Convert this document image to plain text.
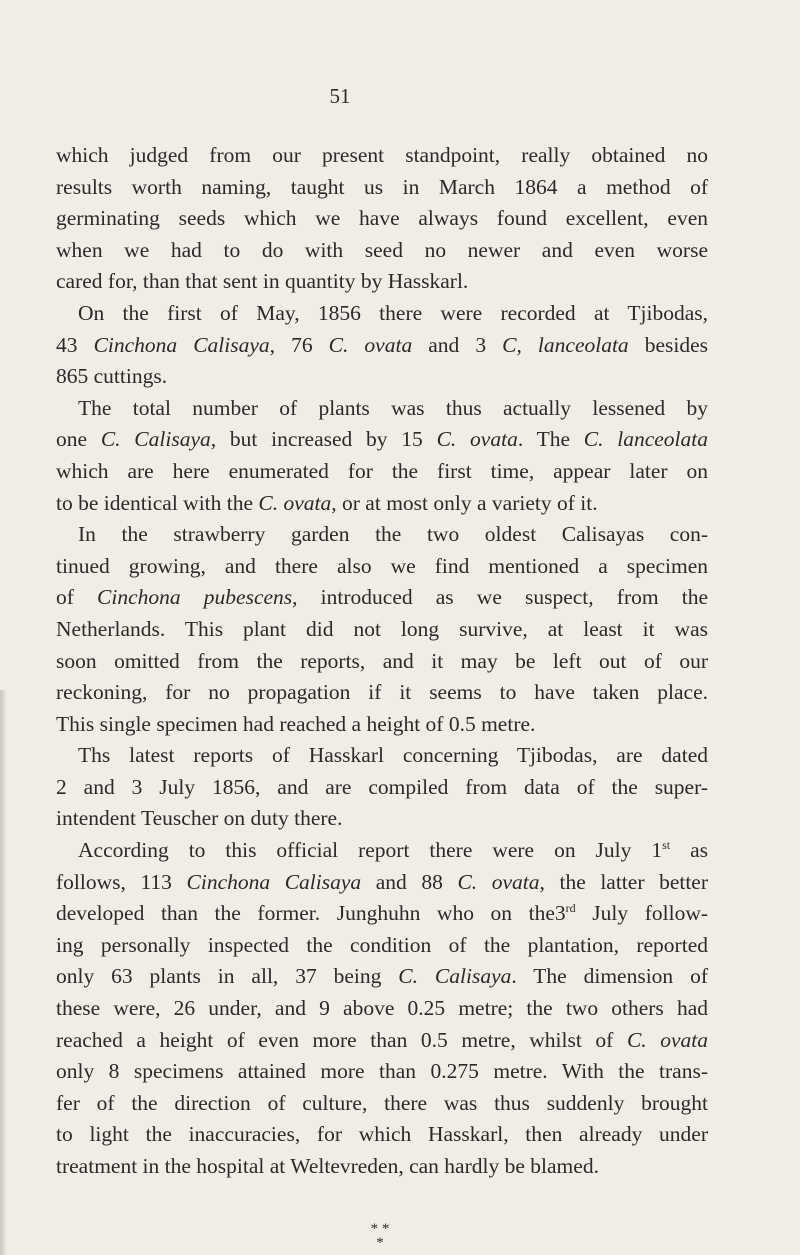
51
which judged from our present standpoint, really obtained no
results worth naming, taught us in March 1864 a method of
germinating seeds which we have always found excellent, even
when we had to do with seed no newer and even worse
cared for, than that sent in quantity by Hasskarl.
On the first of May, 1856 there were recorded at Tjibodas,
43 Cinchona Calisaya, 76 C. ovata and 3 C, lanceolata besides
865 cuttings.
The total number of plants was thus actually lessened by
one C. Calisaya, but increased by 15 C. ovata. The C. lanceolata
which are here enumerated for the first time, appear later on
to be identical with the C. ovata, or at most only a variety of it.
In the strawberry garden the two oldest Calisayas con-
tinued growing, and there also we find mentioned a specimen
of Cinchona pubescens, introduced as we suspect, from the
Netherlands. This plant did not long survive, at least it was
soon omitted from the reports, and it may be left out of our
reckoning, for no propagation if it seems to have taken place.
This single specimen had reached a height of 0.5 metre.
Ths latest reports of Hasskarl concerning Tjibodas, are dated
2 and 3 July 1856, and are compiled from data of the super-
intendent Teuscher on duty there.
According to this official report there were on July 1st as
follows, 113 Cinchona Calisaya and 88 C. ovata, the latter better
developed than the former. Junghuhn who on the3rd July follow-
ing personally inspected the condition of the plantation, reported
only 63 plants in all, 37 being C. Calisaya. The dimension of
these were, 26 under, and 9 above 0.25 metre; the two others had
reached a height of even more than 0.5 metre, whilst of C. ovata
only 8 specimens attained more than 0.275 metre. With the trans-
fer of the direction of culture, there was thus suddenly brought
to light the inaccuracies, for which Hasskarl, then already under
treatment in the hospital at Weltevreden, can hardly be blamed.
* *
*
